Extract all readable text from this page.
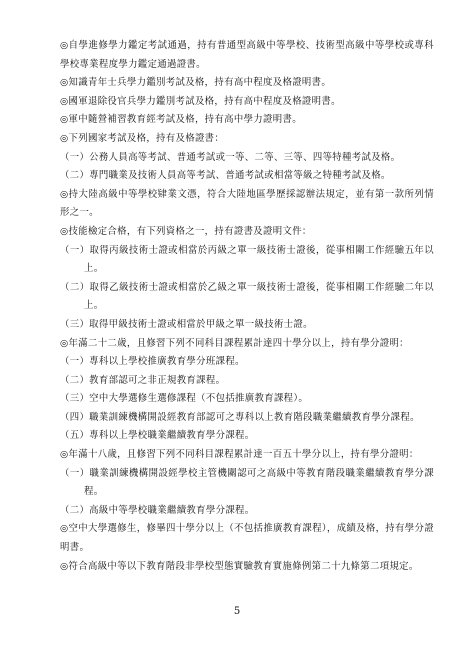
◎自學進修學力鑑定考試通過，持有普通型高級中等學校、技術型高級中等學校或專科學校專業程度學力鑑定通過證書。

◎知識青年士兵學力鑑別考試及格，持有高中程度及格證明書。

◎國軍退除役官兵學力鑑別考試及格，持有高中程度及格證明書。

◎軍中隨營補習教育經考試及格，持有高中學力證明書。

◎下列國家考試及格，持有及格證書：

（一）公務人員高等考試、普通考試或一等、二等、三等、四等特種考試及格。

（二）專門職業及技術人員高等考試、普通考試或相當等級之特種考試及格。

◎持大陸高級中等學校肄業文憑，符合大陸地區學歷採認辦法規定，並有第一款所列情形之一。

◎技能檢定合格，有下列資格之一，持有證書及證明文件：

（一）取得丙級技術士證或相當於丙級之單一級技術士證後，從事相關工作經驗五年以上。

（二）取得乙級技術士證或相當於乙級之單一級技術士證後，從事相關工作經驗二年以上。

（三）取得甲級技術士證或相當於甲級之單一級技術士證。

◎年滿二十二歲，且修習下列不同科目課程累計達四十學分以上，持有學分證明：

（一）專科以上學校推廣教育學分班課程。

（二）教育部認可之非正規教育課程。

（三）空中大學選修生選修課程（不包括推廣教育課程）。

（四）職業訓練機構開設經教育部認可之專科以上教育階段職業繼續教育學分課程。

（五）專科以上學校職業繼續教育學分課程。

◎年滿十八歲，且修習下列不同科目課程累計達一百五十學分以上，持有學分證明：

（一）職業訓練機構開設經學校主管機關認可之高級中等教育階段職業繼續教育學分課程。

（二）高級中等學校職業繼續教育學分課程。

◎空中大學選修生，修畢四十學分以上（不包括推廣教育課程），成績及格，持有學分證明書。

◎符合高級中等以下教育階段非學校型態實驗教育實施條例第二十九條第二項規定。

5
